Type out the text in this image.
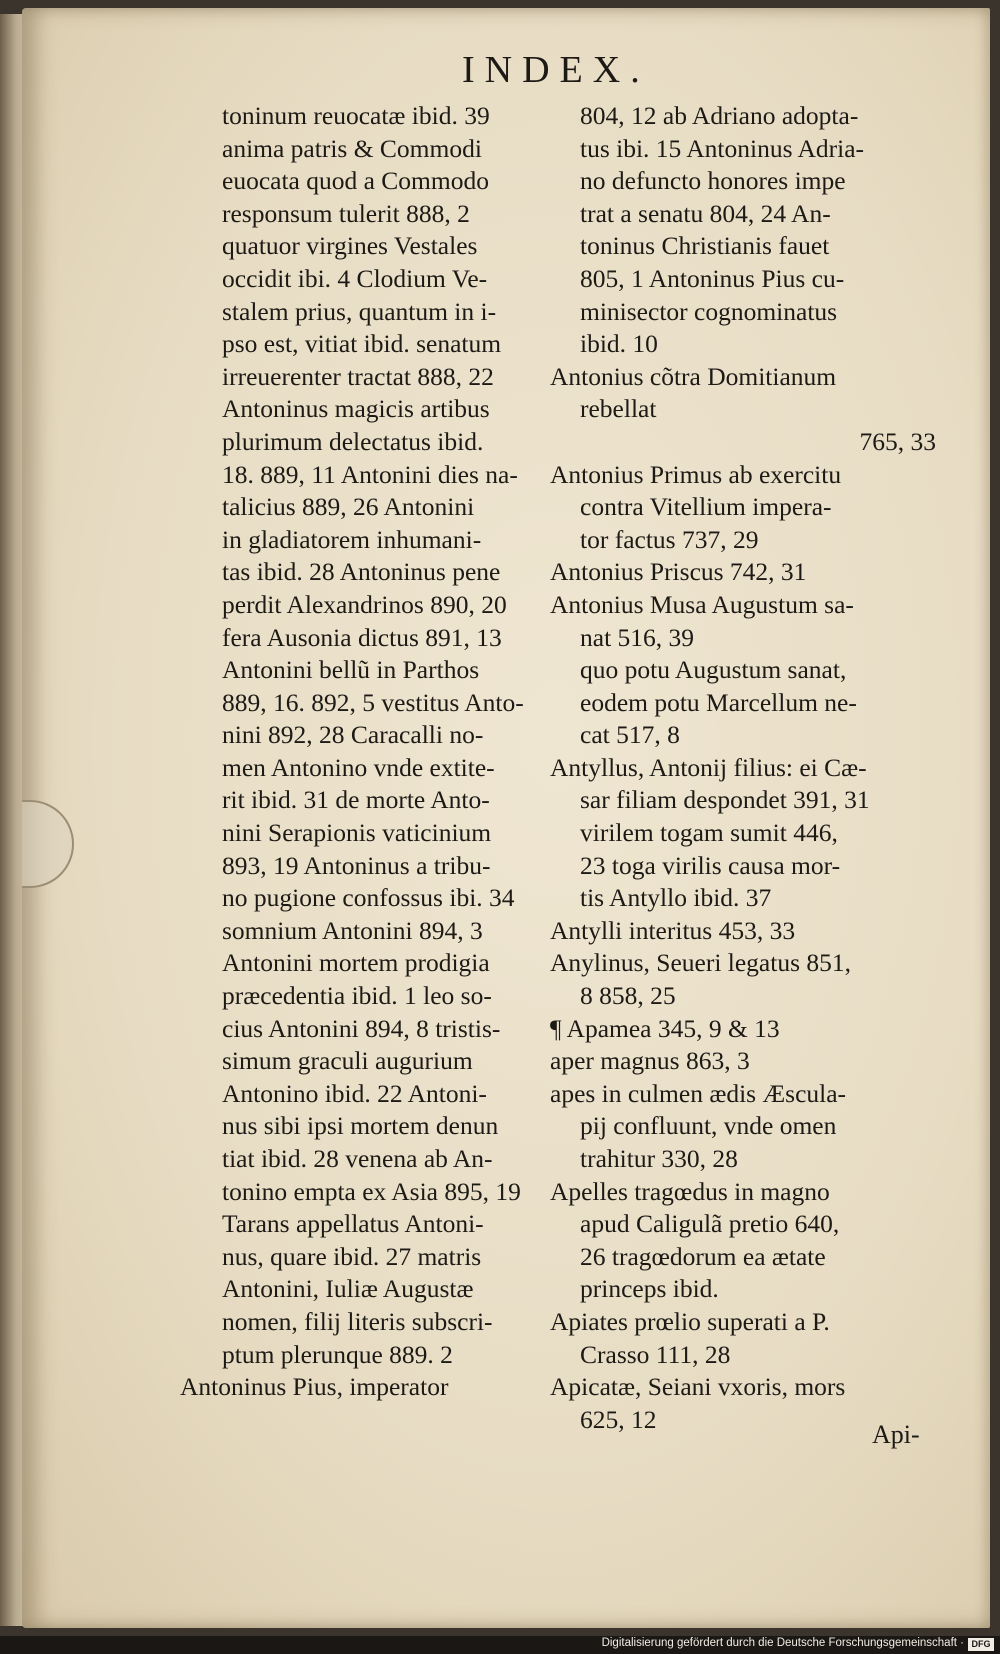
INDEX.
toninum reuocatæ ibid. 39
anima patris & Commodi
euocata quod a Commodo
responsum tulerit 888, 2
quatuor virgines Vestales
occidit ibi. 4 Clodium Ve-
stalem prius, quantum in i-
pso est, vitiat ibid. senatum
irreuerenter tractat 888, 22
Antoninus magicis artibus
plurimum delectatus ibid.
18. 889, 11 Antonini dies na-
talicius 889, 26 Antonini
in gladiatorem inhumani-
tas ibid. 28 Antoninus pene
perdit Alexandrinos 890, 20
fera Ausonia dictus 891, 13
Antonini bellũ in Parthos
889, 16. 892, 5 vestitus Anto-
nini 892, 28 Caracalli no-
men Antonino vnde extite-
rit ibid. 31 de morte Anto-
nini Serapionis vaticinium
893, 19 Antoninus a tribu-
no pugione confossus ibi. 34
somnium Antonini 894, 3
Antonini mortem prodigia
præcedentia ibid. 1 leo so-
cius Antonini 894, 8 tristis-
simum graculi augurium
Antonino ibid. 22 Antoni-
nus sibi ipsi mortem denun
tiat ibid. 28 venena ab An-
tonino empta ex Asia 895, 19
Tarans appellatus Antoni-
nus, quare ibid. 27 matris
Antonini, Iuliæ Augustæ
nomen, filij literis subscri-
ptum plerunque 889. 2
Antoninus Pius, imperator
804, 12 ab Adriano adopta-
tus ibi. 15 Antoninus Adria-
no defuncto honores impe
trat a senatu 804, 24 An-
toninus Christianis fauet
805, 1 Antoninus Pius cu-
minisector cognominatus
ibid. 10
Antonius cõtra Domitianum
rebellat
765, 33
Antonius Primus ab exercitu
contra Vitellium impera-
tor factus 737, 29
Antonius Priscus 742, 31
Antonius Musa Augustum sa-
nat 516, 39
quo potu Augustum sanat,
eodem potu Marcellum ne-
cat 517, 8
Antyllus, Antonij filius: ei Cæ-
sar filiam despondet 391, 31
virilem togam sumit 446,
23 toga virilis causa mor-
tis Antyllo ibid. 37
Antylli interitus 453, 33
Anylinus, Seueri legatus 851,
8 858, 25
¶ Apamea 345, 9 & 13
aper magnus 863, 3
apes in culmen ædis Æscula-
pij confluunt, vnde omen
trahitur 330, 28
Apelles tragœdus in magno
apud Caligulã pretio 640,
26 tragœdorum ea ætate
princeps ibid.
Apiates prœlio superati a P.
Crasso 111, 28
Apicatæ, Seiani vxoris, mors
625, 12
Api-
Digitalisierung gefördert durch die Deutsche Forschungsgemeinschaft · DFG
